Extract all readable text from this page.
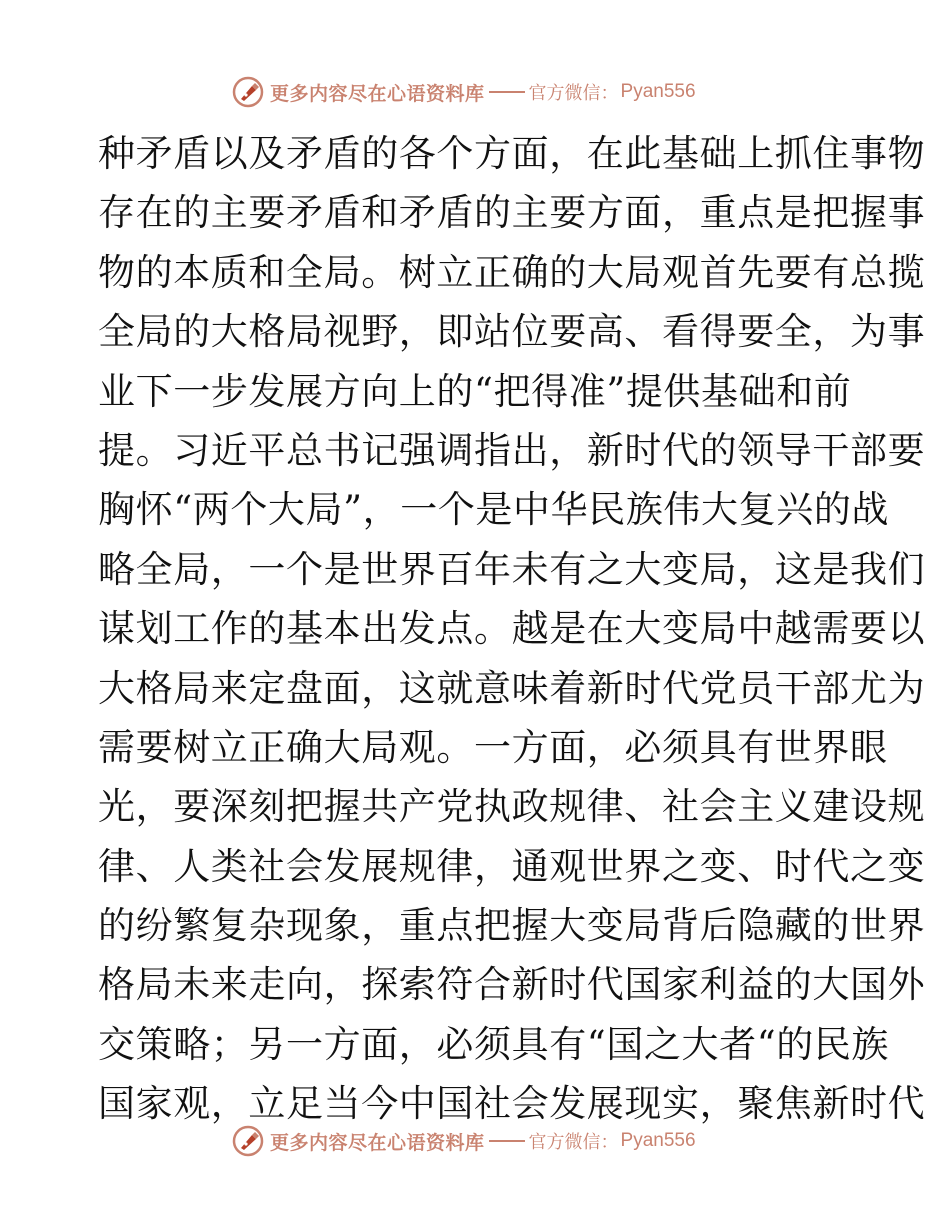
更多内容尽在心语资料库 官方微信： Pyan556
种矛盾以及矛盾的各个方面，在此基础上抓住事物
存在的主要矛盾和矛盾的主要方面，重点是把握事
物的本质和全局。树立正确的大局观首先要有总揽
全局的大格局视野，即站位要高、看得要全，为事
业下一步发展方向上的“把得准”提供基础和前
提。习近平总书记强调指出，新时代的领导干部要
胸怀“两个大局”，一个是中华民族伟大复兴的战
略全局，一个是世界百年未有之大变局，这是我们
谋划工作的基本出发点。越是在大变局中越需要以
大格局来定盘面，这就意味着新时代党员干部尤为
需要树立正确大局观。一方面，必须具有世界眼
光，要深刻把握共产党执政规律、社会主义建设规
律、人类社会发展规律，通观世界之变、时代之变
的纷繁复杂现象，重点把握大变局背后隐藏的世界
格局未来走向，探索符合新时代国家利益的大国外
交策略；另一方面，必须具有“国之大者“的民族
国家观，立足当今中国社会发展现实，聚焦新时代
更多内容尽在心语资料库 官方微信： Pyan556
